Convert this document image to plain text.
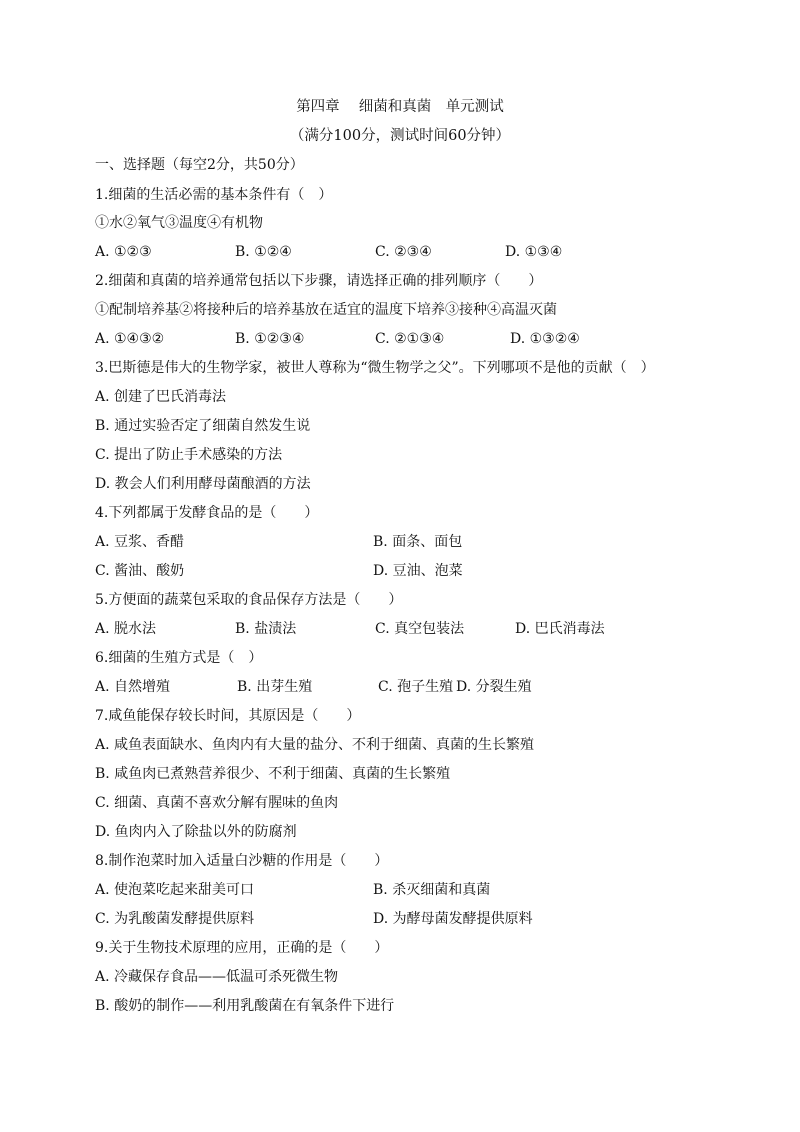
第四章　 细菌和真菌　单元测试
（满分100分，测试时间60分钟）
一、选择题（每空2分，共50分）
1.细菌的生活必需的基本条件有（　）
①水②氧气③温度④有机物
A. ①②③	B. ①②④	C. ②③④	D. ①③④
2.细菌和真菌的培养通常包括以下步骤，请选择正确的排列顺序（　　）
①配制培养基②将接种后的培养基放在适宜的温度下培养③接种④高温灭菌
A. ①④③②	B. ①②③④	C. ②①③④	D. ①③②④
3.巴斯德是伟大的生物学家，被世人尊称为“微生物学之父”。下列哪项不是他的贡献（　）
A. 创建了巴氏消毒法
B. 通过实验否定了细菌自然发生说
C. 提出了防止手术感染的方法
D. 教会人们利用酵母菌酿酒的方法
4.下列都属于发酵食品的是（　　）
A. 豆浆、香醋	B. 面条、面包
C. 酱油、酸奶	D. 豆油、泡菜
5.方便面的蔬菜包采取的食品保存方法是（　　）
A. 脱水法	B. 盐渍法	C. 真空包装法	D. 巴氏消毒法
6.细菌的生殖方式是（　）
A. 自然增殖	B. 出芽生殖	C. 孢子生殖 D. 分裂生殖
7.咸鱼能保存较长时间，其原因是（　　）
A. 咸鱼表面缺水、鱼肉内有大量的盐分、不利于细菌、真菌的生长繁殖
B. 咸鱼肉已煮熟营养很少、不利于细菌、真菌的生长繁殖
C. 细菌、真菌不喜欢分解有腥味的鱼肉
D. 鱼肉内入了除盐以外的防腐剂
8.制作泡菜时加入适量白沙糖的作用是（　　）
A. 使泡菜吃起来甜美可口	B. 杀灭细菌和真菌
C. 为乳酸菌发酵提供原料	D. 为酵母菌发酵提供原料
9.关于生物技术原理的应用，正确的是（　　）
A. 冷藏保存食品——低温可杀死微生物
B. 酸奶的制作——利用乳酸菌在有氧条件下进行
